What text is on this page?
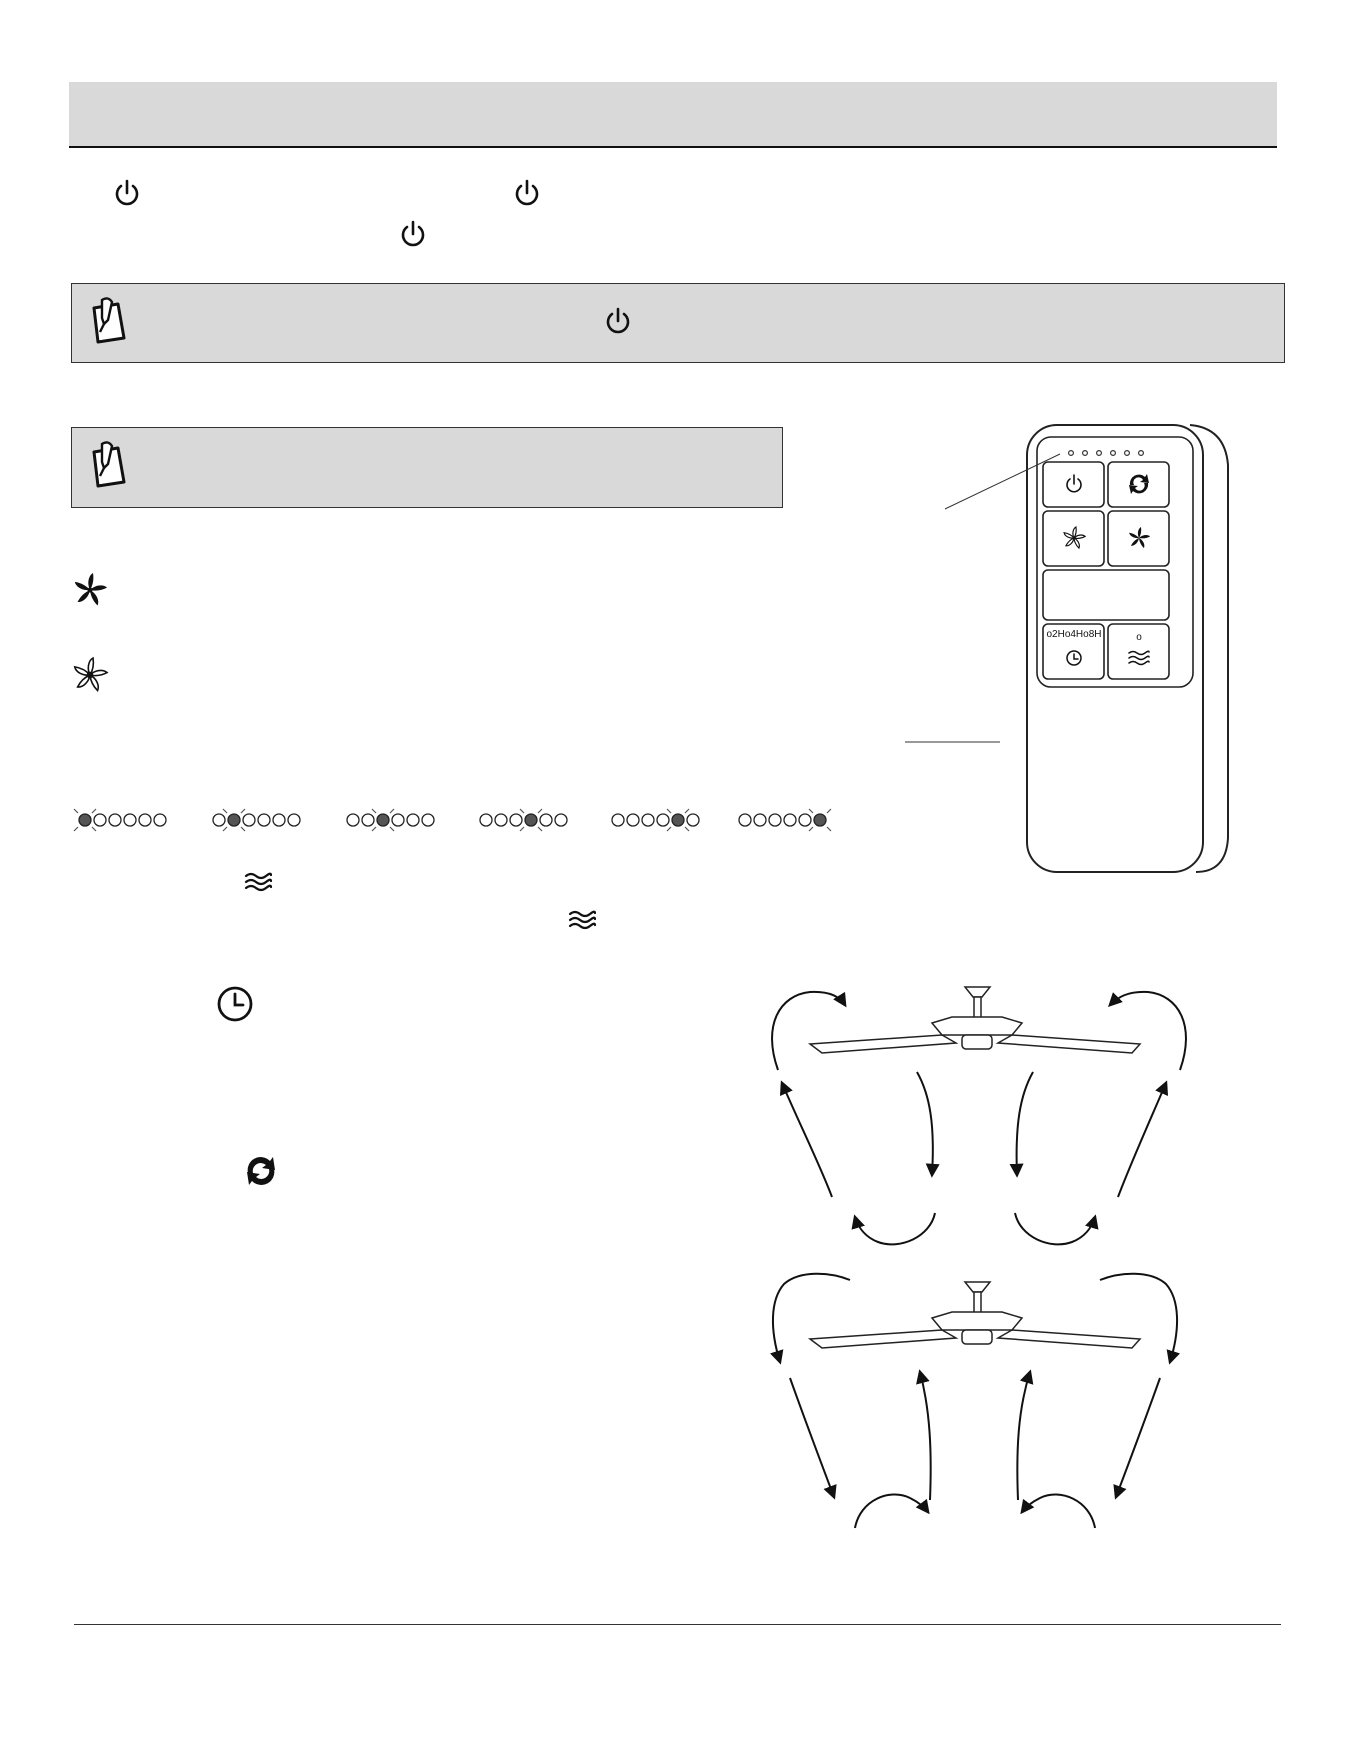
o2Ho4Ho8H	o
